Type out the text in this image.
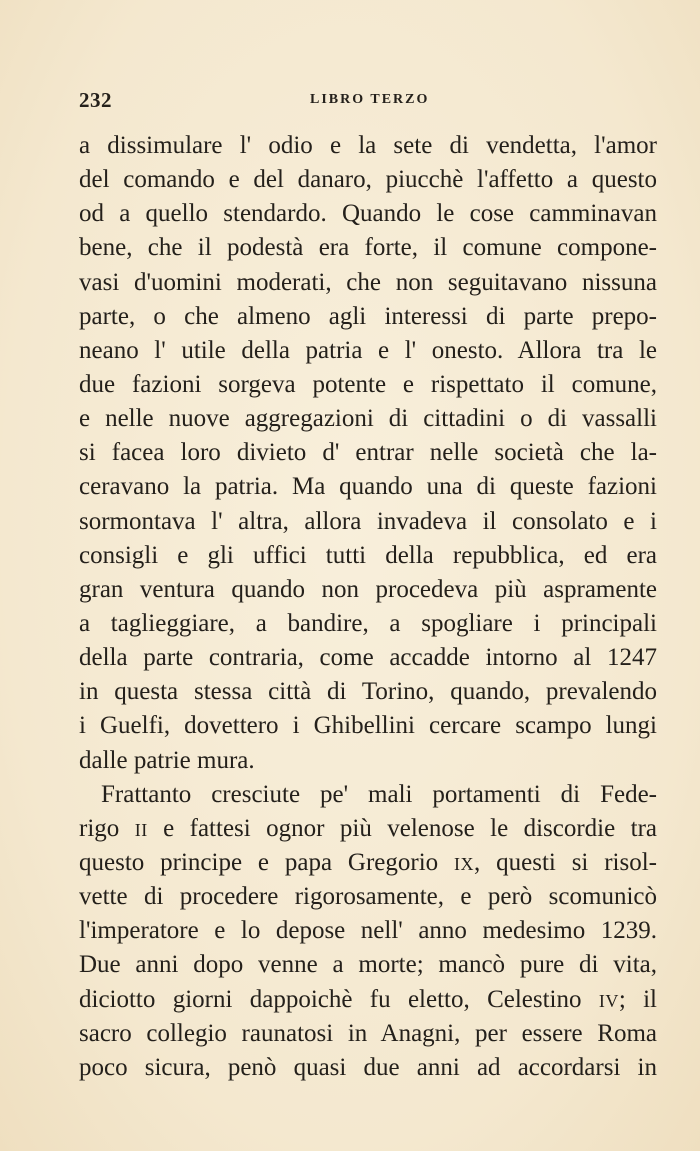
232	LIBRO TERZO
a dissimulare l' odio e la sete di vendetta, l'amor
del comando e del danaro, piucchè l'affetto a questo
od a quello stendardo. Quando le cose camminavan
bene, che il podestà era forte, il comune compone-
vasi d'uomini moderati, che non seguitavano nissuna
parte, o che almeno agli interessi di parte prepo-
neano l' utile della patria e l' onesto. Allora tra le
due fazioni sorgeva potente e rispettato il comune,
e nelle nuove aggregazioni di cittadini o di vassalli
si facea loro divieto d' entrar nelle società che la-
ceravano la patria. Ma quando una di queste fazioni
sormontava l' altra, allora invadeva il consolato e i
consigli e gli uffici tutti della repubblica, ed era
gran ventura quando non procedeva più aspramente
a taglieggiare, a bandire, a spogliare i principali
della parte contraria, come accadde intorno al 1247
in questa stessa città di Torino, quando, prevalendo
i Guelfi, dovettero i Ghibellini cercare scampo lungi
dalle patrie mura.
Frattanto cresciute pe' mali portamenti di Fede-
rigo II e fattesi ognor più velenose le discordie tra
questo principe e papa Gregorio IX, questi si risol-
vette di procedere rigorosamente, e però scomunicò
l'imperatore e lo depose nell' anno medesimo 1239.
Due anni dopo venne a morte; mancò pure di vita,
diciotto giorni dappoichè fu eletto, Celestino IV; il
sacro collegio raunatosi in Anagni, per essere Roma
poco sicura, penò quasi due anni ad accordarsi in
